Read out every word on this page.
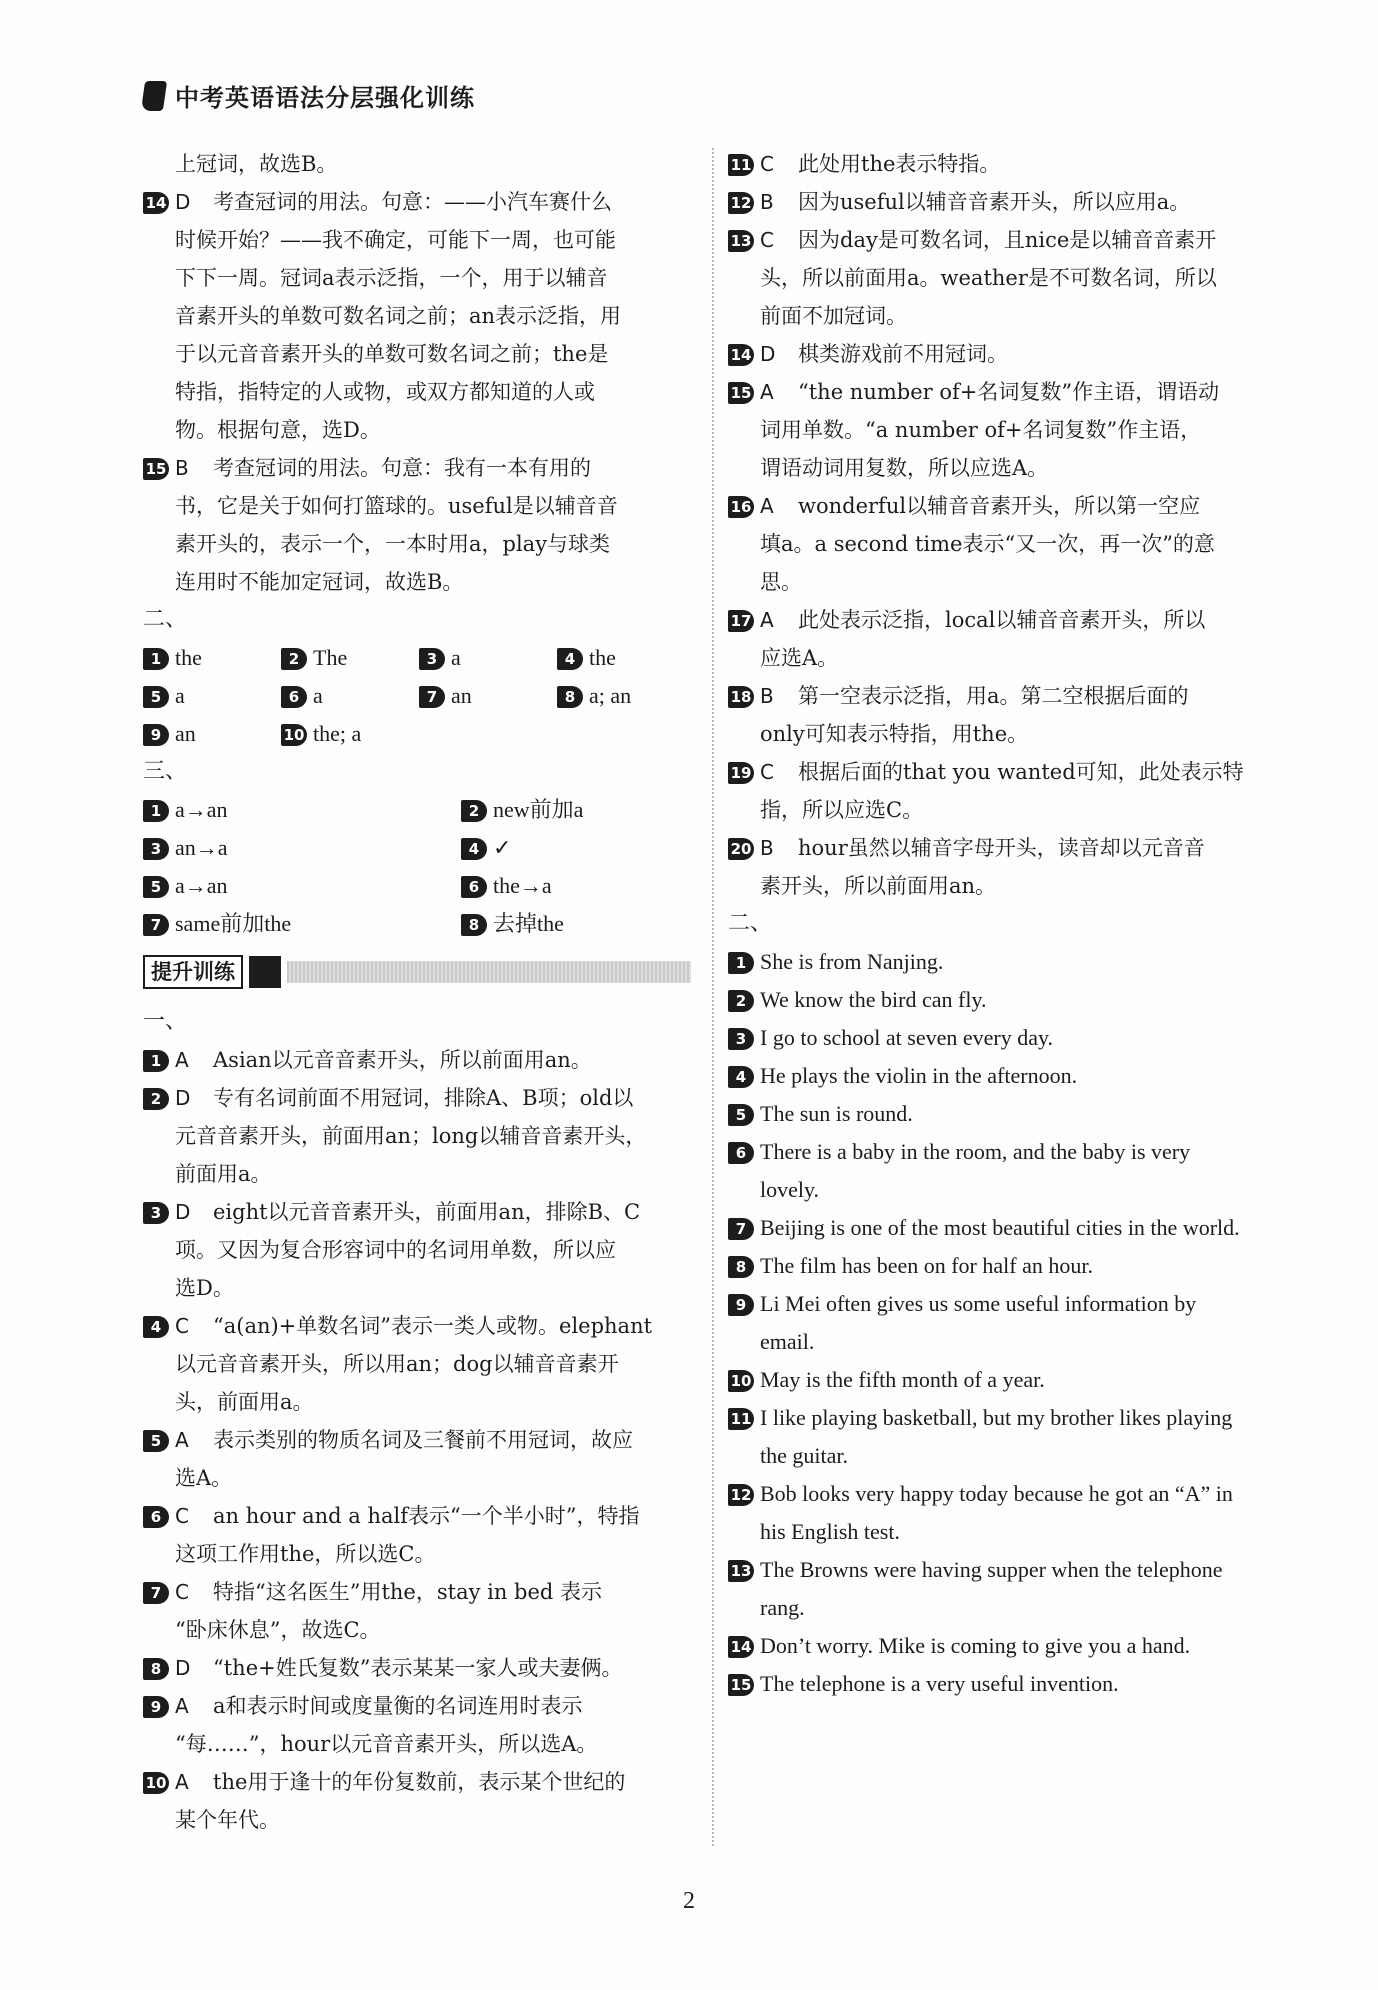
中考英语语法分层强化训练
上冠词，故选B。
14 D 考查冠词的用法。句意：——小汽车赛什么
时候开始？——我不确定，可能下一周，也可能
下下一周。冠词a表示泛指，一个，用于以辅音
音素开头的单数可数名词之前；an表示泛指，用
于以元音音素开头的单数可数名词之前；the是
特指，指特定的人或物，或双方都知道的人或
物。根据句意，选D。
15 B 考查冠词的用法。句意：我有一本有用的
书，它是关于如何打篮球的。useful是以辅音音
素开头的，表示一个，一本时用a，play与球类
连用时不能加定冠词，故选B。
二、
1 the	2 The	3 a	4 the
5 a	6 a	7 an	8 a; an
9 an	10 the; a
三、
1 a→an	2 new前加a
3 an→a	4 ✓
5 a→an	6 the→a
7 same前加the	8 去掉the
提升训练
一、
1 A Asian以元音音素开头，所以前面用an。
2 D 专有名词前面不用冠词，排除A、B项；old以
元音音素开头，前面用an；long以辅音音素开头，
前面用a。
3 D eight以元音音素开头，前面用an，排除B、C
项。又因为复合形容词中的名词用单数，所以应
选D。
4 C “a(an)+单数名词”表示一类人或物。elephant
以元音音素开头，所以用an；dog以辅音音素开
头，前面用a。
5 A 表示类别的物质名词及三餐前不用冠词，故应
选A。
6 C an hour and a half表示“一个半小时”，特指
这项工作用the，所以选C。
7 C 特指“这名医生”用the，stay in bed 表示
“卧床休息”，故选C。
8 D “the+姓氏复数”表示某某一家人或夫妻俩。
9 A a和表示时间或度量衡的名词连用时表示
“每……”，hour以元音音素开头，所以选A。
10 A the用于逢十的年份复数前，表示某个世纪的
某个年代。
11 C 此处用the表示特指。
12 B 因为useful以辅音音素开头，所以应用a。
13 C 因为day是可数名词，且nice是以辅音音素开
头，所以前面用a。weather是不可数名词，所以
前面不加冠词。
14 D 棋类游戏前不用冠词。
15 A “the number of+名词复数”作主语，谓语动
词用单数。“a number of+名词复数”作主语，
谓语动词用复数，所以应选A。
16 A wonderful以辅音音素开头，所以第一空应
填a。a second time表示“又一次，再一次”的意
思。
17 A 此处表示泛指，local以辅音音素开头，所以
应选A。
18 B 第一空表示泛指，用a。第二空根据后面的
only可知表示特指，用the。
19 C 根据后面的that you wanted可知，此处表示特
指，所以应选C。
20 B hour虽然以辅音字母开头，读音却以元音音
素开头，所以前面用an。
二、
1 She is from Nanjing.
2 We know the bird can fly.
3 I go to school at seven every day.
4 He plays the violin in the afternoon.
5 The sun is round.
6 There is a baby in the room, and the baby is very
lovely.
7 Beijing is one of the most beautiful cities in the world.
8 The film has been on for half an hour.
9 Li Mei often gives us some useful information by
email.
10 May is the fifth month of a year.
11 I like playing basketball, but my brother likes playing
the guitar.
12 Bob looks very happy today because he got an “A” in
his English test.
13 The Browns were having supper when the telephone
rang.
14 Don’t worry. Mike is coming to give you a hand.
15 The telephone is a very useful invention.
2
